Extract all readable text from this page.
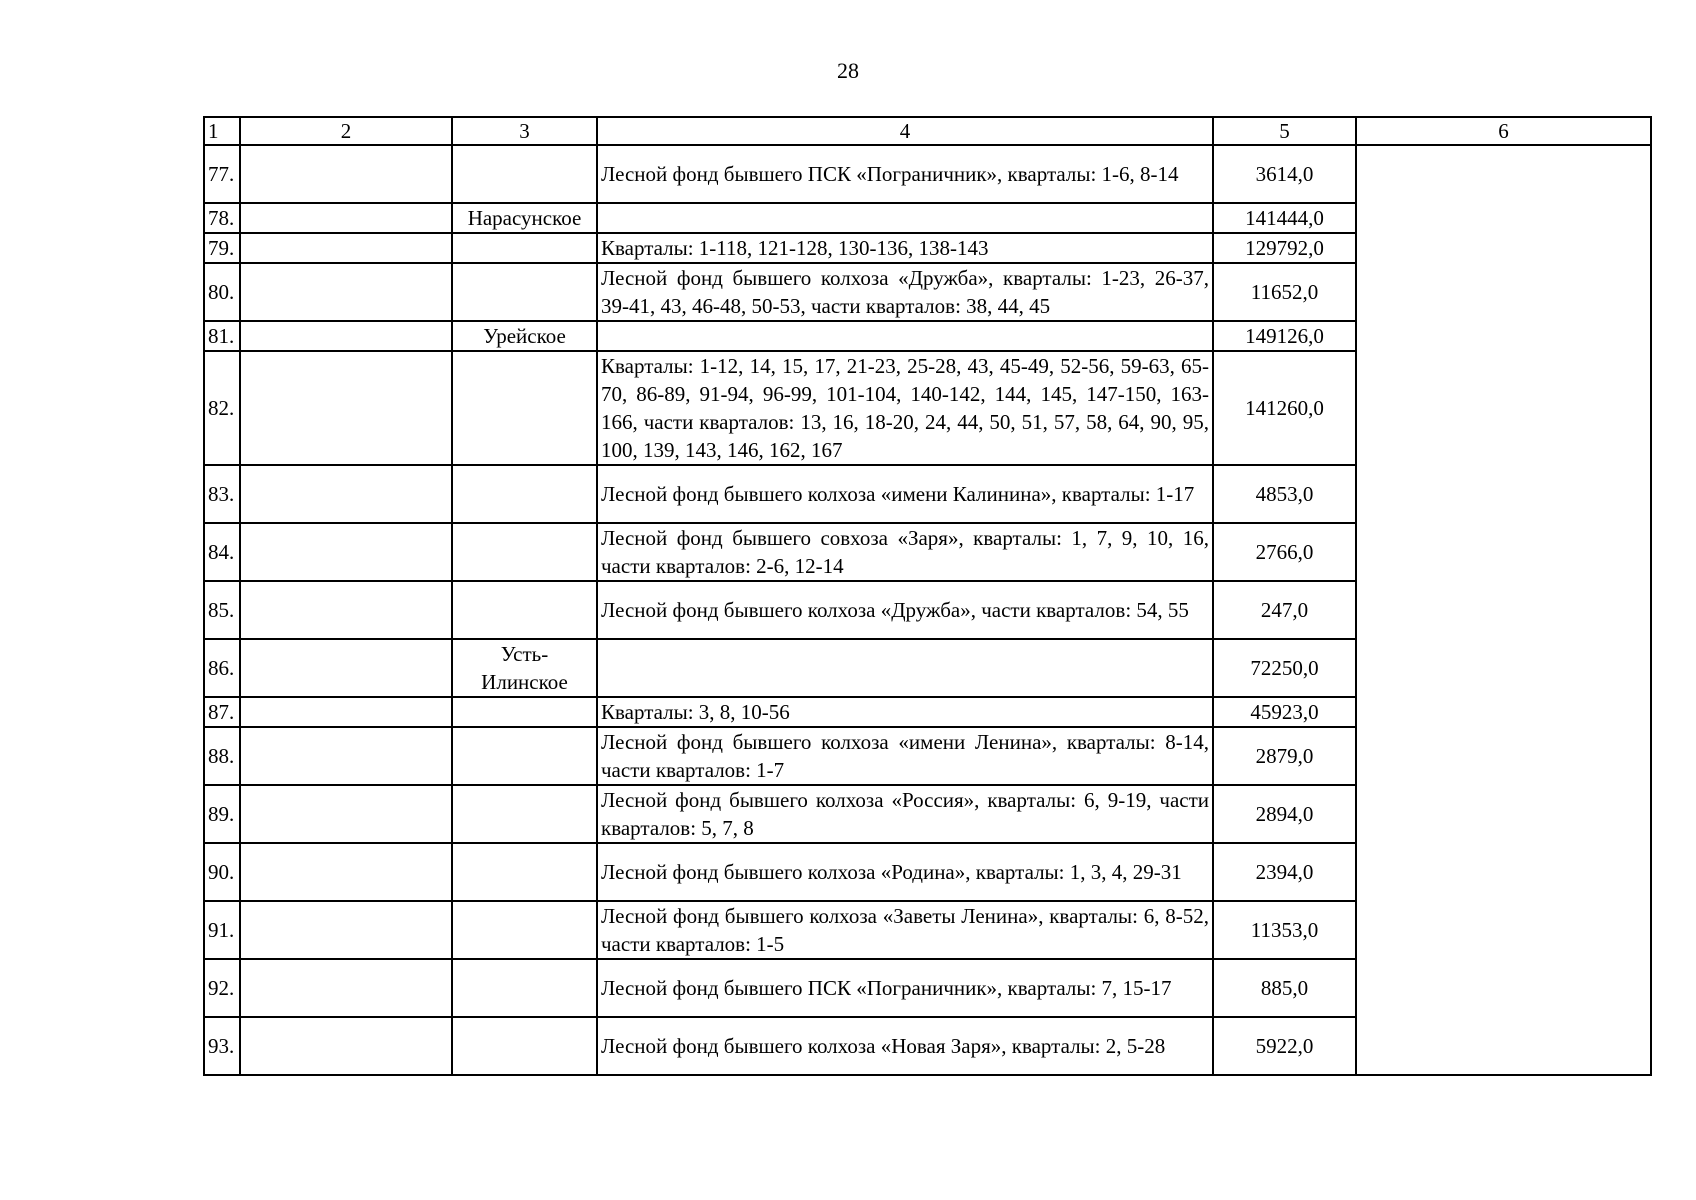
28
1	2	3	4	5	6
77.			Лесной фонд бывшего ПСК «Пограничник», кварталы: 1-6, 8-14	3614,0	
78.		Нарасунское		141444,0	
79.			Кварталы: 1-118, 121-128, 130-136, 138-143	129792,0	
80.			Лесной фонд бывшего колхоза «Дружба», кварталы: 1-23, 26-37, 39-41, 43, 46-48, 50-53, части кварталов: 38, 44, 45	11652,0	
81.		Урейское		149126,0	
82.			Кварталы: 1-12, 14, 15, 17, 21-23, 25-28, 43, 45-49, 52-56, 59-63, 65-70, 86-89, 91-94, 96-99, 101-104, 140-142, 144, 145, 147-150, 163-166, части кварталов: 13, 16, 18-20, 24, 44, 50, 51, 57, 58, 64, 90, 95, 100, 139, 143, 146, 162, 167	141260,0	
83.			Лесной фонд бывшего колхоза «имени Калинина», кварталы: 1-17	4853,0	
84.			Лесной фонд бывшего совхоза «Заря», кварталы: 1, 7, 9, 10, 16, части кварталов: 2-6, 12-14	2766,0	
85.			Лесной фонд бывшего колхоза «Дружба», части кварталов: 54, 55	247,0	
86.		Усть-Илинское		72250,0	
87.			Кварталы: 3, 8, 10-56	45923,0	
88.			Лесной фонд бывшего колхоза «имени Ленина», кварталы: 8-14, части кварталов: 1-7	2879,0	
89.			Лесной фонд бывшего колхоза «Россия», кварталы: 6, 9-19, части кварталов: 5, 7, 8	2894,0	
90.			Лесной фонд бывшего колхоза «Родина», кварталы: 1, 3, 4, 29-31	2394,0	
91.			Лесной фонд бывшего колхоза «Заветы Ленина», кварталы: 6, 8-52, части кварталов: 1-5	11353,0	
92.			Лесной фонд бывшего ПСК «Пограничник», кварталы: 7, 15-17	885,0	
93.			Лесной фонд бывшего колхоза «Новая Заря», кварталы: 2, 5-28	5922,0	
